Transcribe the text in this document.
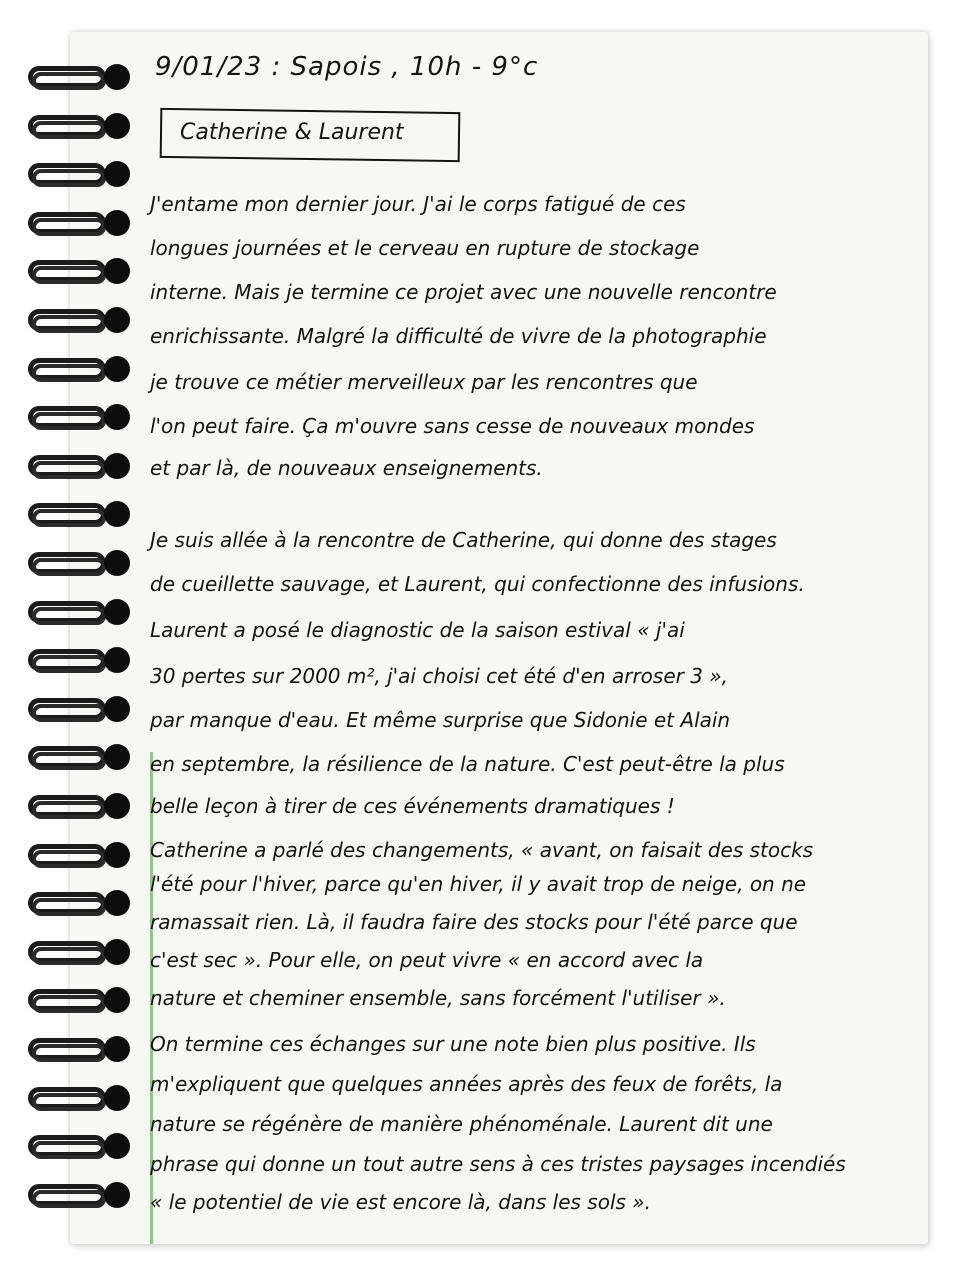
9/01/23 : Sapois , 10h - 9°c
Catherine & Laurent
J'entame mon dernier jour. J'ai le corps fatigué de ces
longues journées et le cerveau en rupture de stockage
interne. Mais je termine ce projet avec une nouvelle rencontre
enrichissante. Malgré la difficulté de vivre de la photographie
je trouve ce métier merveilleux par les rencontres que
l'on peut faire. Ça m'ouvre sans cesse de nouveaux mondes
et par là, de nouveaux enseignements.
Je suis allée à la rencontre de Catherine, qui donne des stages
de cueillette sauvage, et Laurent, qui confectionne des infusions.
Laurent a posé le diagnostic de la saison estival « j'ai
30 pertes sur 2000 m², j'ai choisi cet été d'en arroser 3 »,
par manque d'eau. Et même surprise que Sidonie et Alain
en septembre, la résilience de la nature. C'est peut-être la plus
belle leçon à tirer de ces événements dramatiques !
Catherine a parlé des changements, « avant, on faisait des stocks
l'été pour l'hiver, parce qu'en hiver, il y avait trop de neige, on ne
ramassait rien. Là, il faudra faire des stocks pour l'été parce que
c'est sec ». Pour elle, on peut vivre « en accord avec la
nature et cheminer ensemble, sans forcément l'utiliser ».
On termine ces échanges sur une note bien plus positive. Ils
m'expliquent que quelques années après des feux de forêts, la
nature se régénère de manière phénoménale. Laurent dit une
phrase qui donne un tout autre sens à ces tristes paysages incendiés
« le potentiel de vie est encore là, dans les sols ».
